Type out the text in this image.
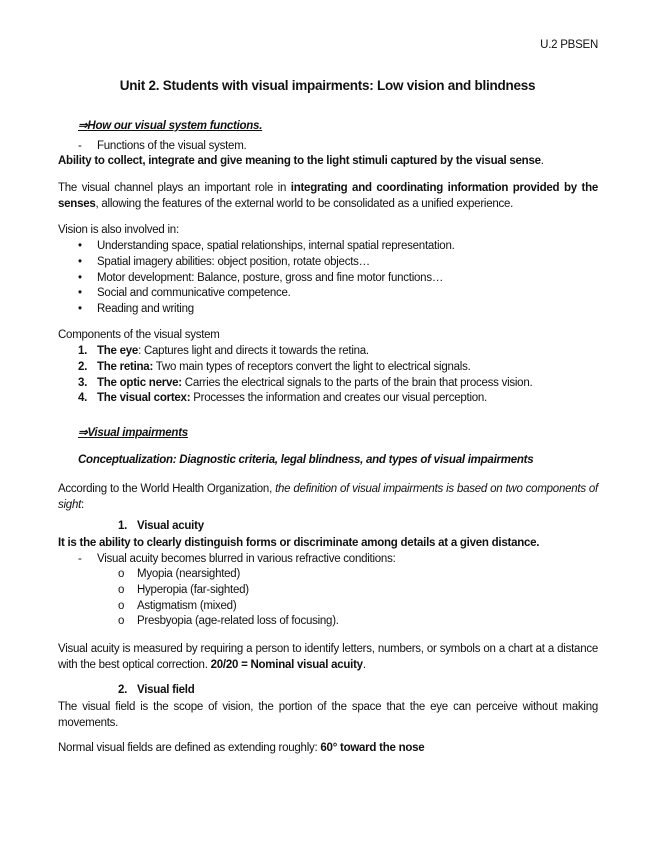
U.2 PBSEN
Unit 2. Students with visual impairments: Low vision and blindness
⇒How our visual system functions.
- Functions of the visual system.
Ability to collect, integrate and give meaning to the light stimuli captured by the visual sense.
The visual channel plays an important role in integrating and coordinating information provided by the senses, allowing the features of the external world to be consolidated as a unified experience.
Vision is also involved in:
Components of the visual system
⇒Visual impairments
Conceptualization: Diagnostic criteria, legal blindness, and types of visual impairments
According to the World Health Organization, the definition of visual impairments is based on two components of sight:
1. Visual acuity
It is the ability to clearly distinguish forms or discriminate among details at a given distance.
- Visual acuity becomes blurred in various refractive conditions:
Visual acuity is measured by requiring a person to identify letters, numbers, or symbols on a chart at a distance with the best optical correction. 20/20 = Nominal visual acuity.
2. Visual field
The visual field is the scope of vision, the portion of the space that the eye can perceive without making movements.
Normal visual fields are defined as extending roughly: 60° toward the nose
• Understanding space, spatial relationships, internal spatial representation.
• Spatial imagery abilities: object position, rotate objects…
• Motor development: Balance, posture, gross and fine motor functions…
• Social and communicative competence.
• Reading and writing
1. The eye: Captures light and directs it towards the retina.
2. The retina: Two main types of receptors convert the light to electrical signals.
3. The optic nerve: Carries the electrical signals to the parts of the brain that process vision.
4. The visual cortex: Processes the information and creates our visual perception.
o Myopia (nearsighted)
o Hyperopia (far-sighted)
o Astigmatism (mixed)
o Presbyopia (age-related loss of focusing).
